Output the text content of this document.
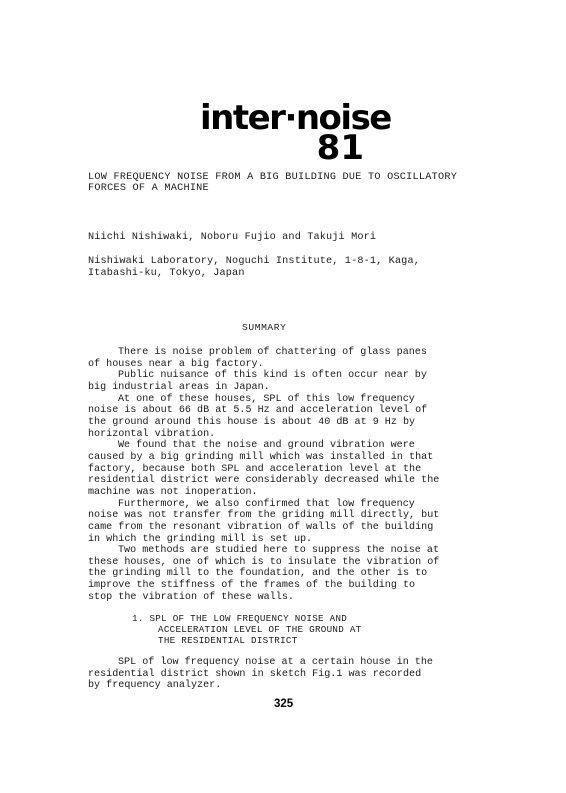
inter·noise
81
LOW FREQUENCY NOISE FROM A BIG BUILDING DUE TO OSCILLATORY
FORCES OF A MACHINE
Niichi Nishiwaki, Noboru Fujio and Takuji Mori
Nishiwaki Laboratory, Noguchi Institute, 1-8-1, Kaga,
Itabashi-ku, Tokyo, Japan
SUMMARY
There is noise problem of chattering of glass panes
of houses near a big factory.
Public nuisance of this kind is often occur near by
big industrial areas in Japan.
At one of these houses, SPL of this low frequency
noise is about 66 dB at 5.5 Hz and acceleration level of
the ground around this house is about 40 dB at 9 Hz by
horizontal vibration.
We found that the noise and ground vibration were
caused by a big grinding mill which was installed in that
factory, because both SPL and acceleration level at the
residential district were considerably decreased while the
machine was not inoperation.
Furthermore, we also confirmed that low frequency
noise was not transfer from the griding mill directly, but
came from the resonant vibration of walls of the building
in which the grinding mill is set up.
Two methods are studied here to suppress the noise at
these houses, one of which is to insulate the vibration of
the grinding mill to the foundation, and the other is to
improve the stiffness of the frames of the building to
stop the vibration of these walls.
1. SPL OF THE LOW FREQUENCY NOISE AND
ACCELERATION LEVEL OF THE GROUND AT
THE RESIDENTIAL DISTRICT
SPL of low frequency noise at a certain house in the
residential district shown in sketch Fig.1 was recorded
by frequency analyzer.
325
